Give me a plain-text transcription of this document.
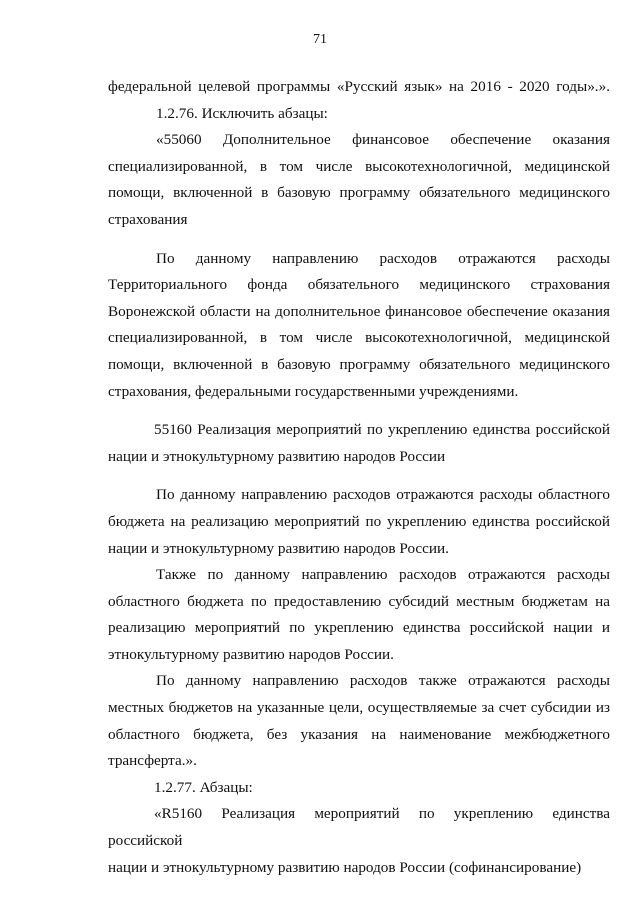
71

федеральной целевой программы «Русский язык» на 2016 - 2020 годы».».

1.2.76. Исключить абзацы:

«55060 Дополнительное финансовое обеспечение оказания

специализированной, в том числе высокотехнологичной, медицинской

помощи, включенной в базовую программу обязательного медицинского

страхования

По данному направлению расходов отражаются расходы

Территориального фонда обязательного медицинского страхования

Воронежской области на дополнительное финансовое обеспечение оказания

специализированной, в том числе высокотехнологичной, медицинской

помощи, включенной в базовую программу обязательного медицинского

страхования, федеральными государственными учреждениями.

55160 Реализация мероприятий по укреплению единства российской

нации и этнокультурному развитию народов России

По данному направлению расходов отражаются расходы областного

бюджета на реализацию мероприятий по укреплению единства российской

нации и этнокультурному развитию народов России.

Также по данному направлению расходов отражаются расходы

областного бюджета по предоставлению субсидий местным бюджетам на

реализацию мероприятий по укреплению единства российской нации и

этнокультурному развитию народов России.

По данному направлению расходов также отражаются расходы

местных бюджетов на указанные цели, осуществляемые за счет субсидии из

областного бюджета, без указания на наименование межбюджетного

трансферта.».

1.2.77. Абзацы:

«R5160 Реализация мероприятий по укреплению единства российской

нации и этнокультурному развитию народов России (софинансирование)
